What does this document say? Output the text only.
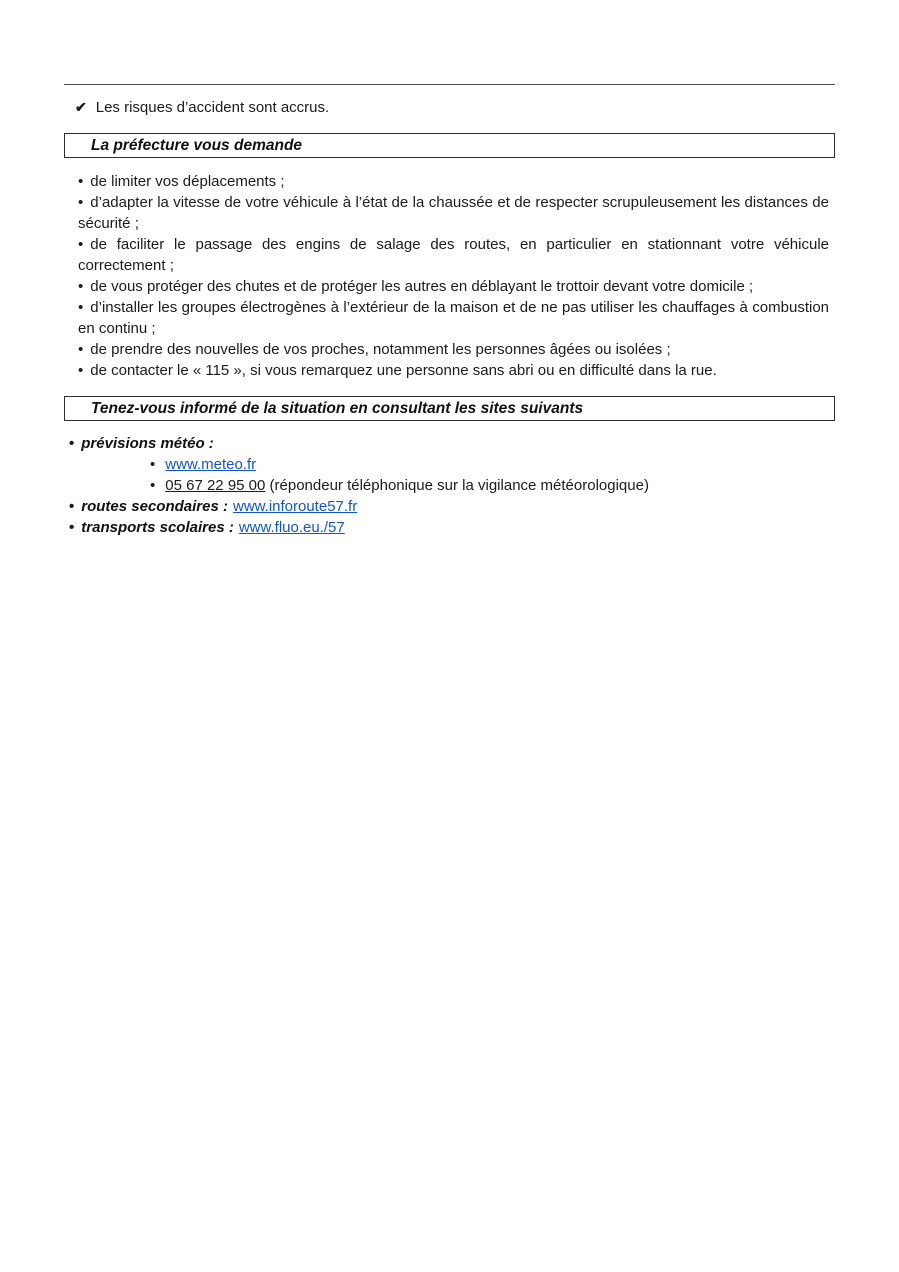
✔ Les risques d’accident sont accrus.
La préfecture vous demande

• de limiter vos déplacements ;

• d’adapter la vitesse de votre véhicule à l’état de la chaussée et de respecter scrupuleusement les distances de sécurité ;

• de faciliter le passage des engins de salage des routes, en particulier en stationnant votre véhicule correctement ;

• de vous protéger des chutes et de protéger les autres en déblayant le trottoir devant votre domicile ;

• d’installer les groupes électrogènes à l’extérieur de la maison et de ne pas utiliser les chauffages à combustion en continu ;

• de prendre des nouvelles de vos proches, notamment les personnes âgées ou isolées ;

• de contacter le « 115 », si vous remarquez une personne sans abri ou en difficulté dans la rue.

Tenez-vous informé de la situation en consultant les sites suivants
• prévisions météo :
• www.meteo.fr
• 05 67 22 95 00 (répondeur téléphonique sur la vigilance météorologique)
• routes secondaires : www.inforoute57.fr
• transports scolaires : www.fluo.eu./57
